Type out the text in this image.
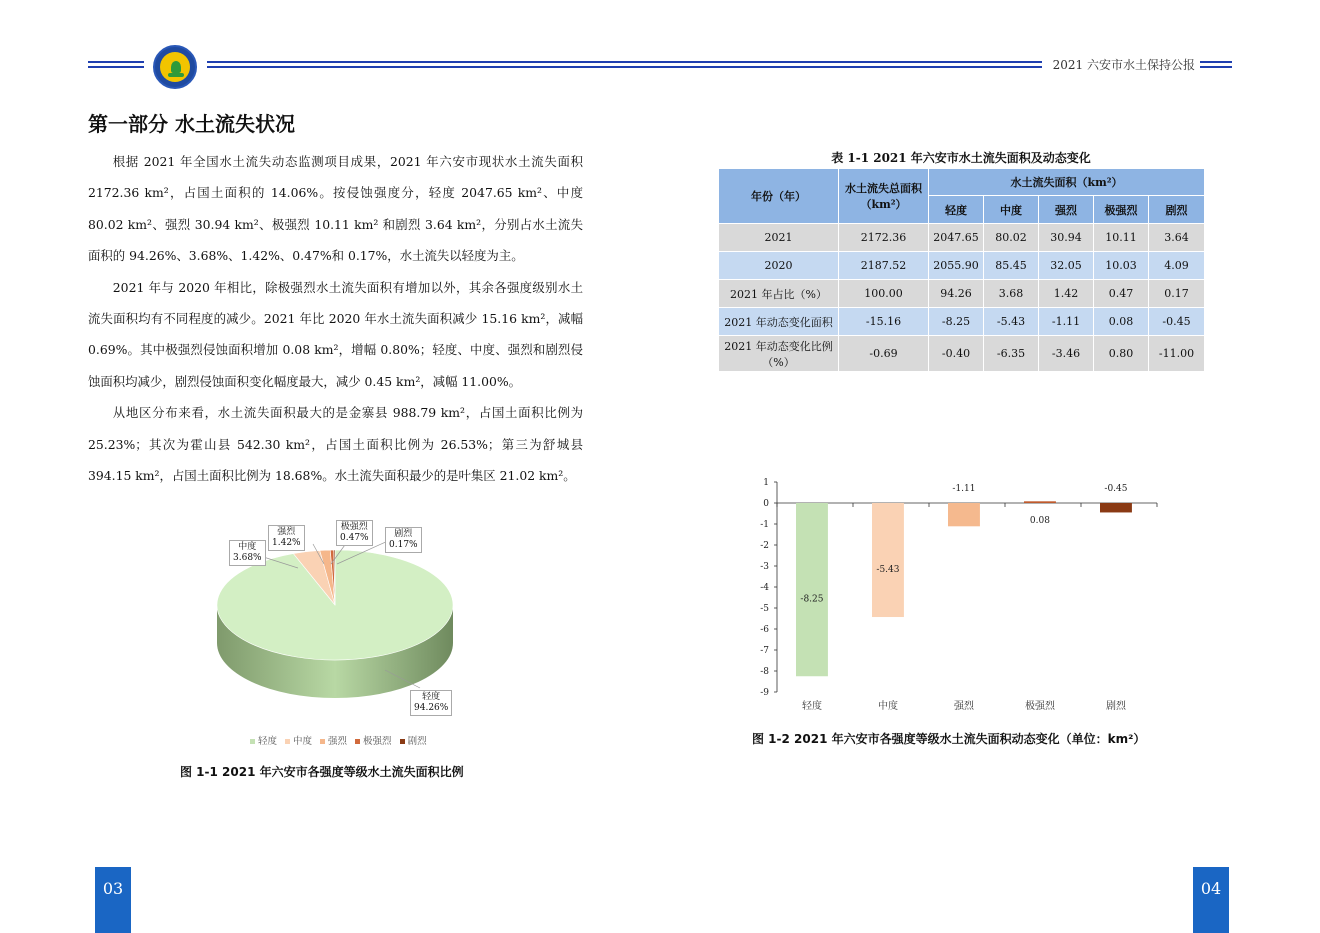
2021 六安市水土保持公报
第一部分 水土流失状况

根据 2021 年全国水土流失动态监测项目成果，2021 年六安市现状水土流失面积 2172.36 km²，占国土面积的 14.06%。按侵蚀强度分，轻度 2047.65 km²、中度 80.02 km²、强烈 30.94 km²、极强烈 10.11 km² 和剧烈 3.64 km²，分别占水土流失面积的 94.26%、3.68%、1.42%、0.47%和 0.17%，水土流失以轻度为主。

2021 年与 2020 年相比，除极强烈水土流失面积有增加以外，其余各强度级别水土流失面积均有不同程度的减少。2021 年比 2020 年水土流失面积减少 15.16 km²，减幅 0.69%。其中极强烈侵蚀面积增加 0.08 km²，增幅 0.80%；轻度、中度、强烈和剧烈侵蚀面积均减少，剧烈侵蚀面积变化幅度最大，减少 0.45 km²，减幅 11.00%。

从地区分布来看，水土流失面积最大的是金寨县 988.79 km²，占国土面积比例为 25.23%；其次为霍山县 542.30 km²，占国土面积比例为 26.53%；第三为舒城县 394.15 km²，占国土面积比例为 18.68%。水土流失面积最少的是叶集区 21.02 km²。

表 1-1 2021 年六安市水土流失面积及动态变化
年份（年）	水土流失总面积（km²）	水土流失面积（km²）				
		轻度	中度	强烈	极强烈	剧烈
2021	2172.36	2047.65	80.02	30.94	10.11	3.64
2020	2187.52	2055.90	85.45	32.05	10.03	4.09
2021 年占比（%）	100.00	94.26	3.68	1.42	0.47	0.17
2021 年动态变化面积	-15.16	-8.25	-5.43	-1.11	0.08	-0.45
2021 年动态变化比例（%）	-0.69	-0.40	-6.35	-3.46	0.80	-11.00
中度
3.68%
强烈
1.42%
极强烈
0.47%	剧烈
0.17%
轻度
94.26%
轻度	中度	强烈	极强烈	剧烈
图 1-1 2021 年六安市各强度等级水土流失面积比例
1
0
-1
-2
-3
-4
-5
-6
-7
-8
-9
-8.25
轻度
-5.43
中度
-1.11
强烈
0.08
极强烈
-0.45
剧烈
图 1-2 2021 年六安市各强度等级水土流失面积动态变化（单位：km²）
03	04
